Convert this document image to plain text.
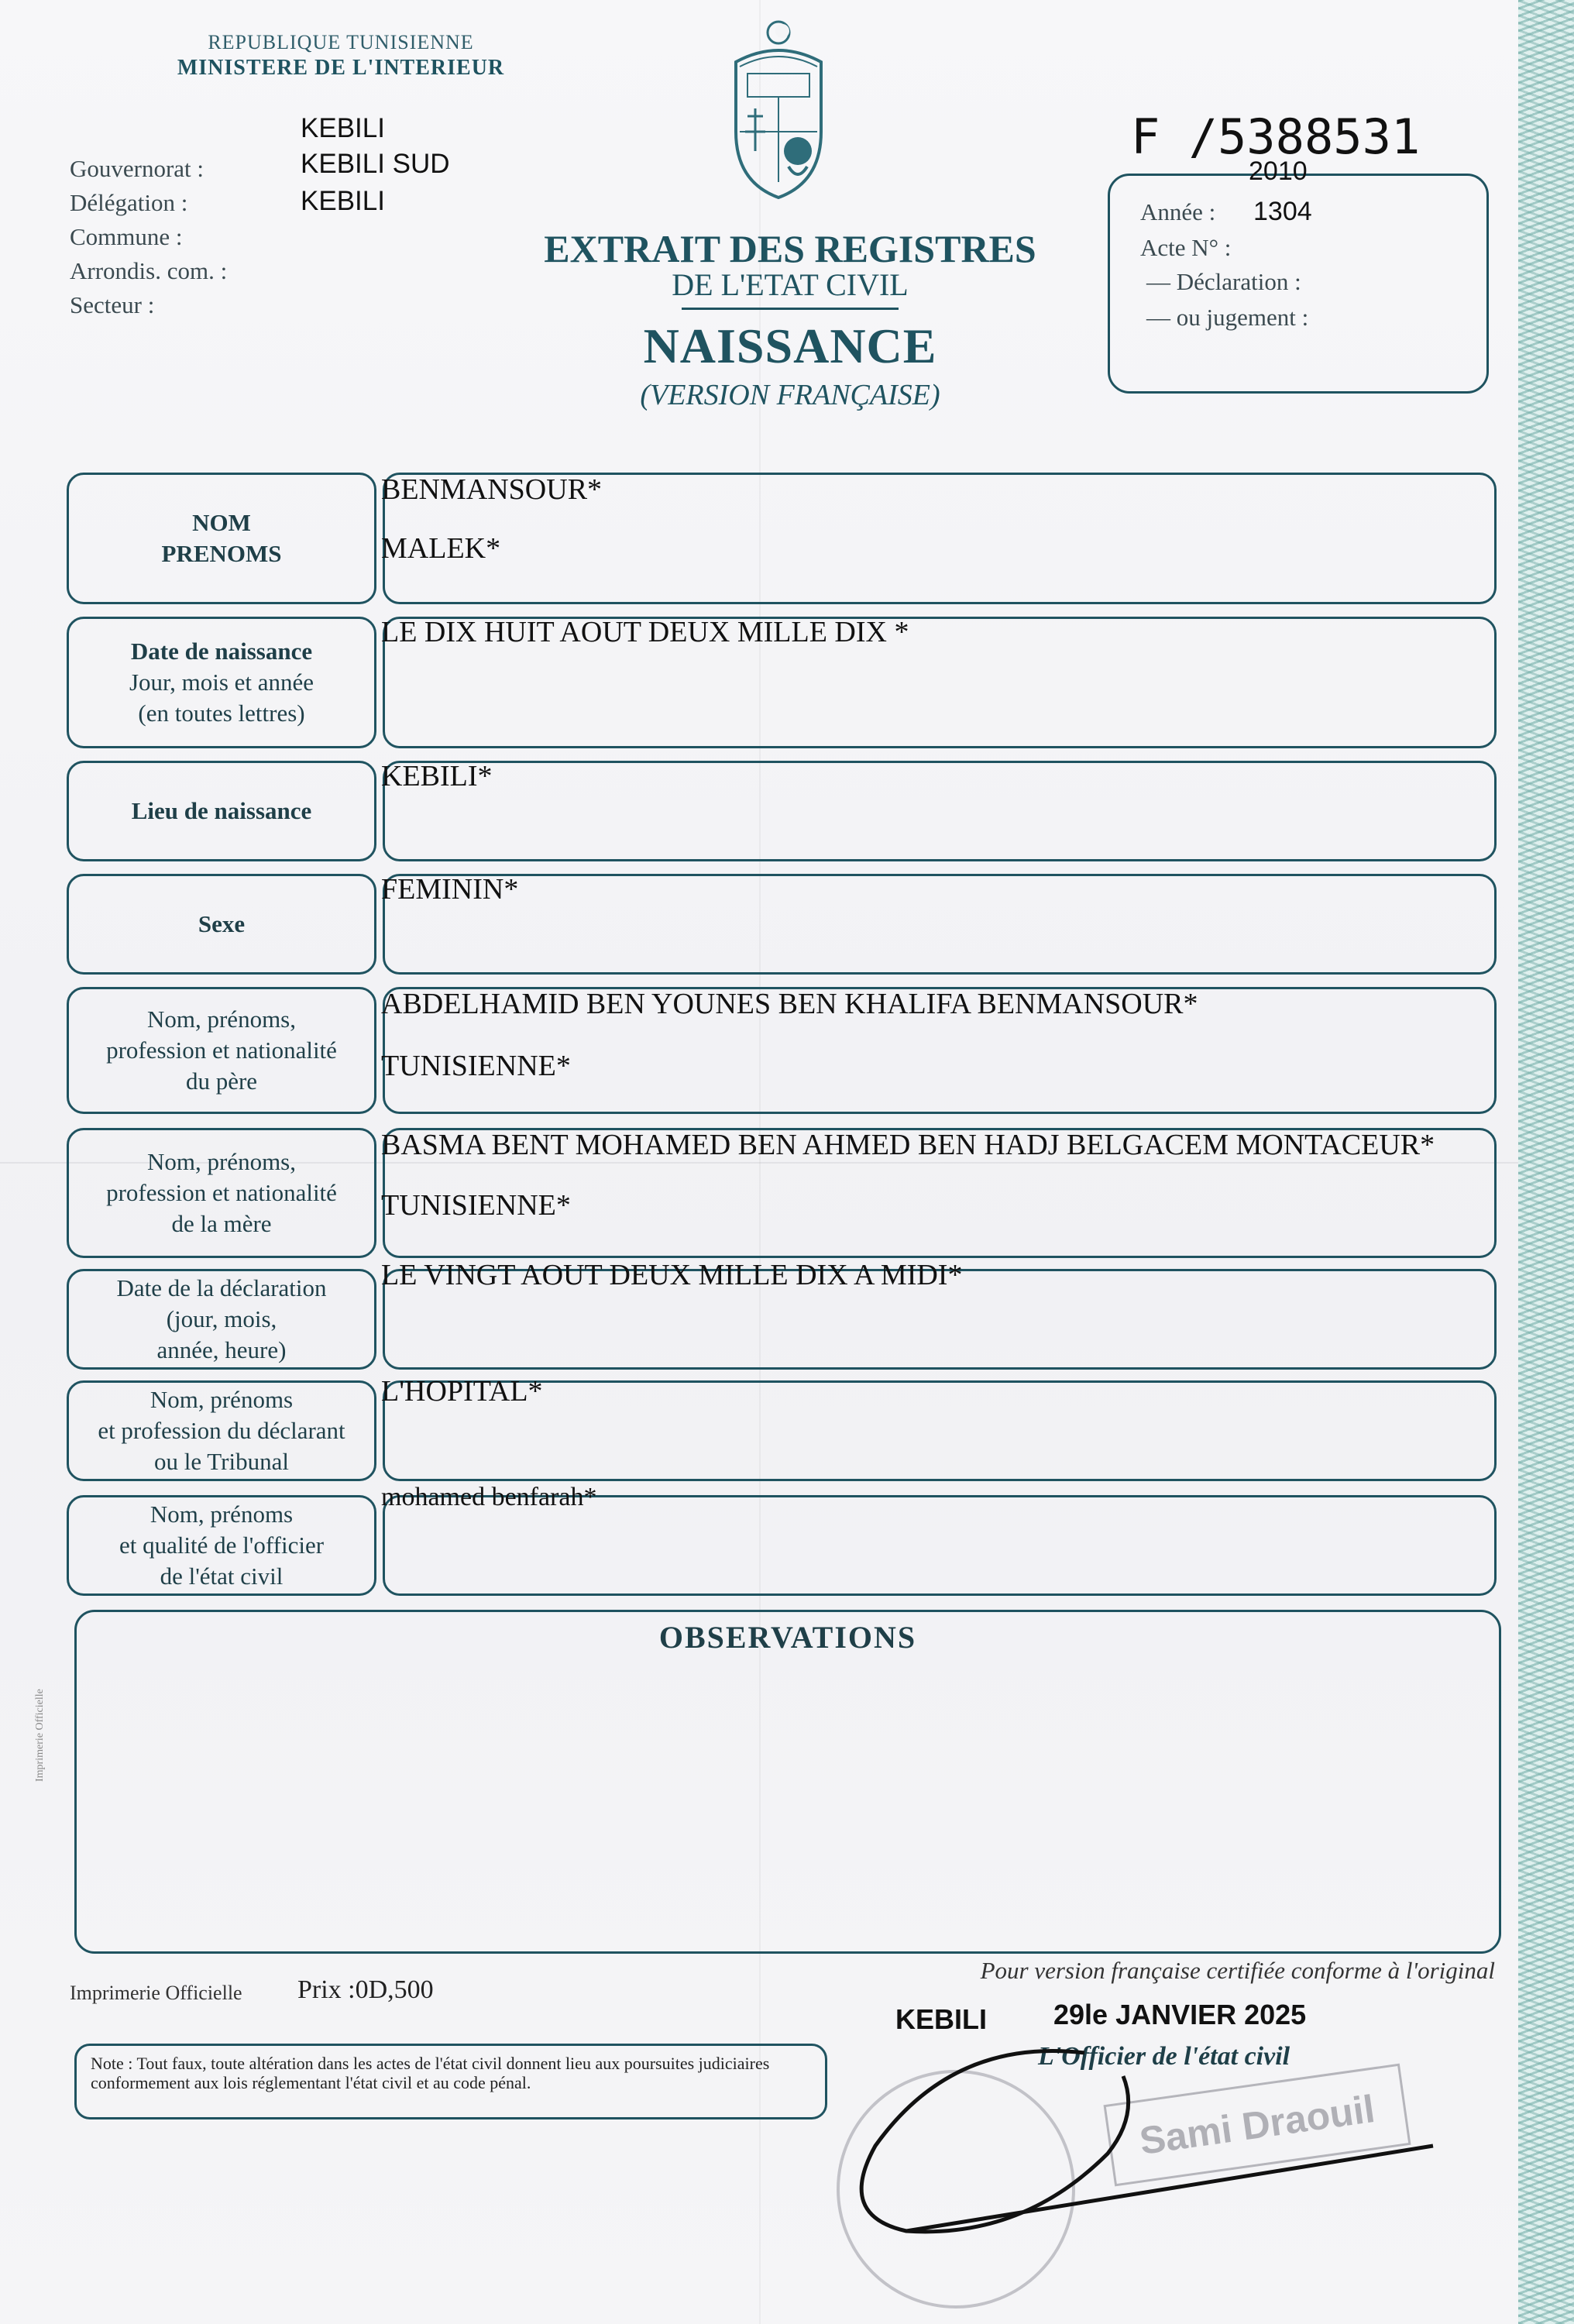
REPUBLIQUE TUNISIENNE
MINISTERE DE L'INTERIEUR
Gouvernorat :
Délégation :
Commune :
Arrondis. com. :
Secteur :
KEBILI
KEBILI SUD
KEBILI
EXTRAIT DES REGISTRES
DE L'ETAT CIVIL
NAISSANCE
(VERSION FRANÇAISE)
F /5388531
2010
Année : 1304
Acte N° :
— Déclaration :
— ou jugement :
NOM
PRENOMS
BENMANSOUR*
MALEK*
Date de naissance
Jour, mois et année
(en toutes lettres)
LE DIX HUIT AOUT DEUX MILLE DIX *
Lieu de naissance
KEBILI*
Sexe
FEMININ*
Nom, prénoms,
profession et nationalité
du père
ABDELHAMID BEN YOUNES BEN KHALIFA BENMANSOUR*
TUNISIENNE*
Nom, prénoms,
profession et nationalité
de la mère
BASMA BENT MOHAMED BEN AHMED BEN HADJ BELGACEM MONTACEUR*
TUNISIENNE*
Date de la déclaration
(jour, mois,
année, heure)
LE VINGT AOUT DEUX MILLE DIX A MIDI*
Nom, prénoms
et profession du déclarant
ou le Tribunal
L'HOPITAL*
Nom, prénoms
et qualité de l'officier
de l'état civil
mohamed benfarah*
OBSERVATIONS
Imprimerie Officielle
Imprimerie Officielle Prix :0D,500
Note : Tout faux, toute altération dans les actes de l'état civil donnent lieu aux poursuites judiciaires conformement aux lois réglementant l'état civil et au code pénal.
Pour version française certifiée conforme à l'original
KEBILI 29le JANVIER 2025
L'Officier de l'état civil
Sami Draouil
